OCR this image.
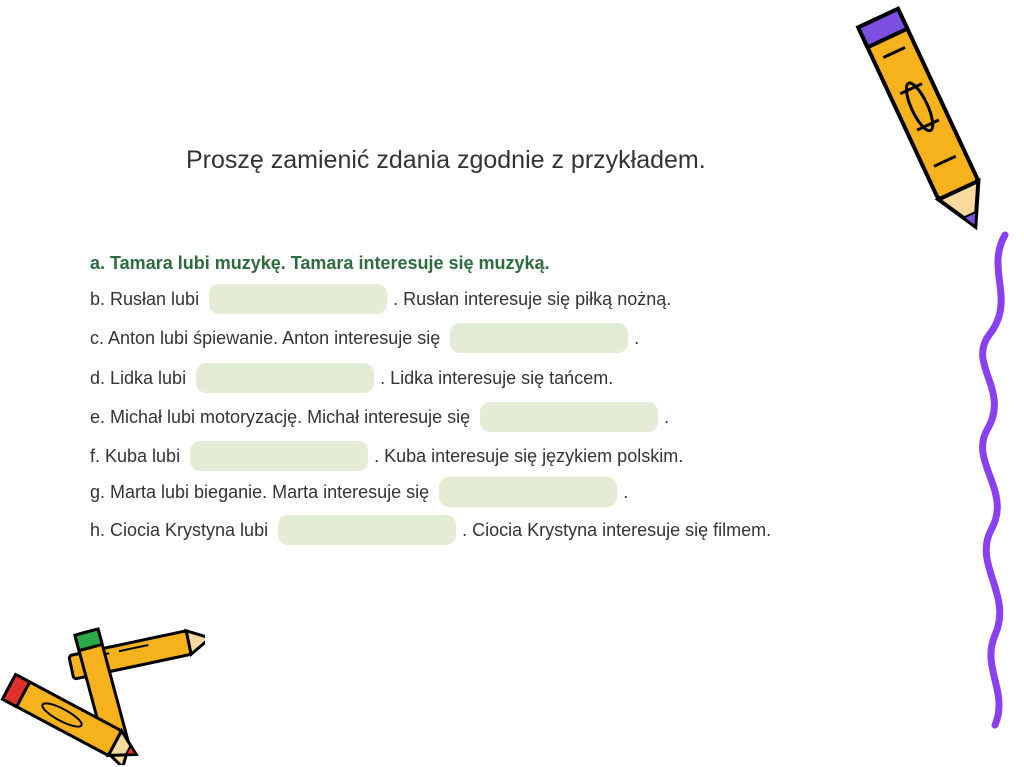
Proszę zamienić zdania zgodnie z przykładem.
a. Tamara lubi muzykę. Tamara interesuje się muzyką.
b. Rusłan lubi	. Rusłan interesuje się piłką nożną.
c. Anton lubi śpiewanie. Anton interesuje się	.
d. Lidka lubi	. Lidka interesuje się tańcem.
e. Michał lubi motoryzację. Michał interesuje się	.
f. Kuba lubi	. Kuba interesuje się językiem polskim.
g. Marta lubi bieganie. Marta interesuje się	.
h. Ciocia Krystyna lubi	. Ciocia Krystyna interesuje się filmem.
